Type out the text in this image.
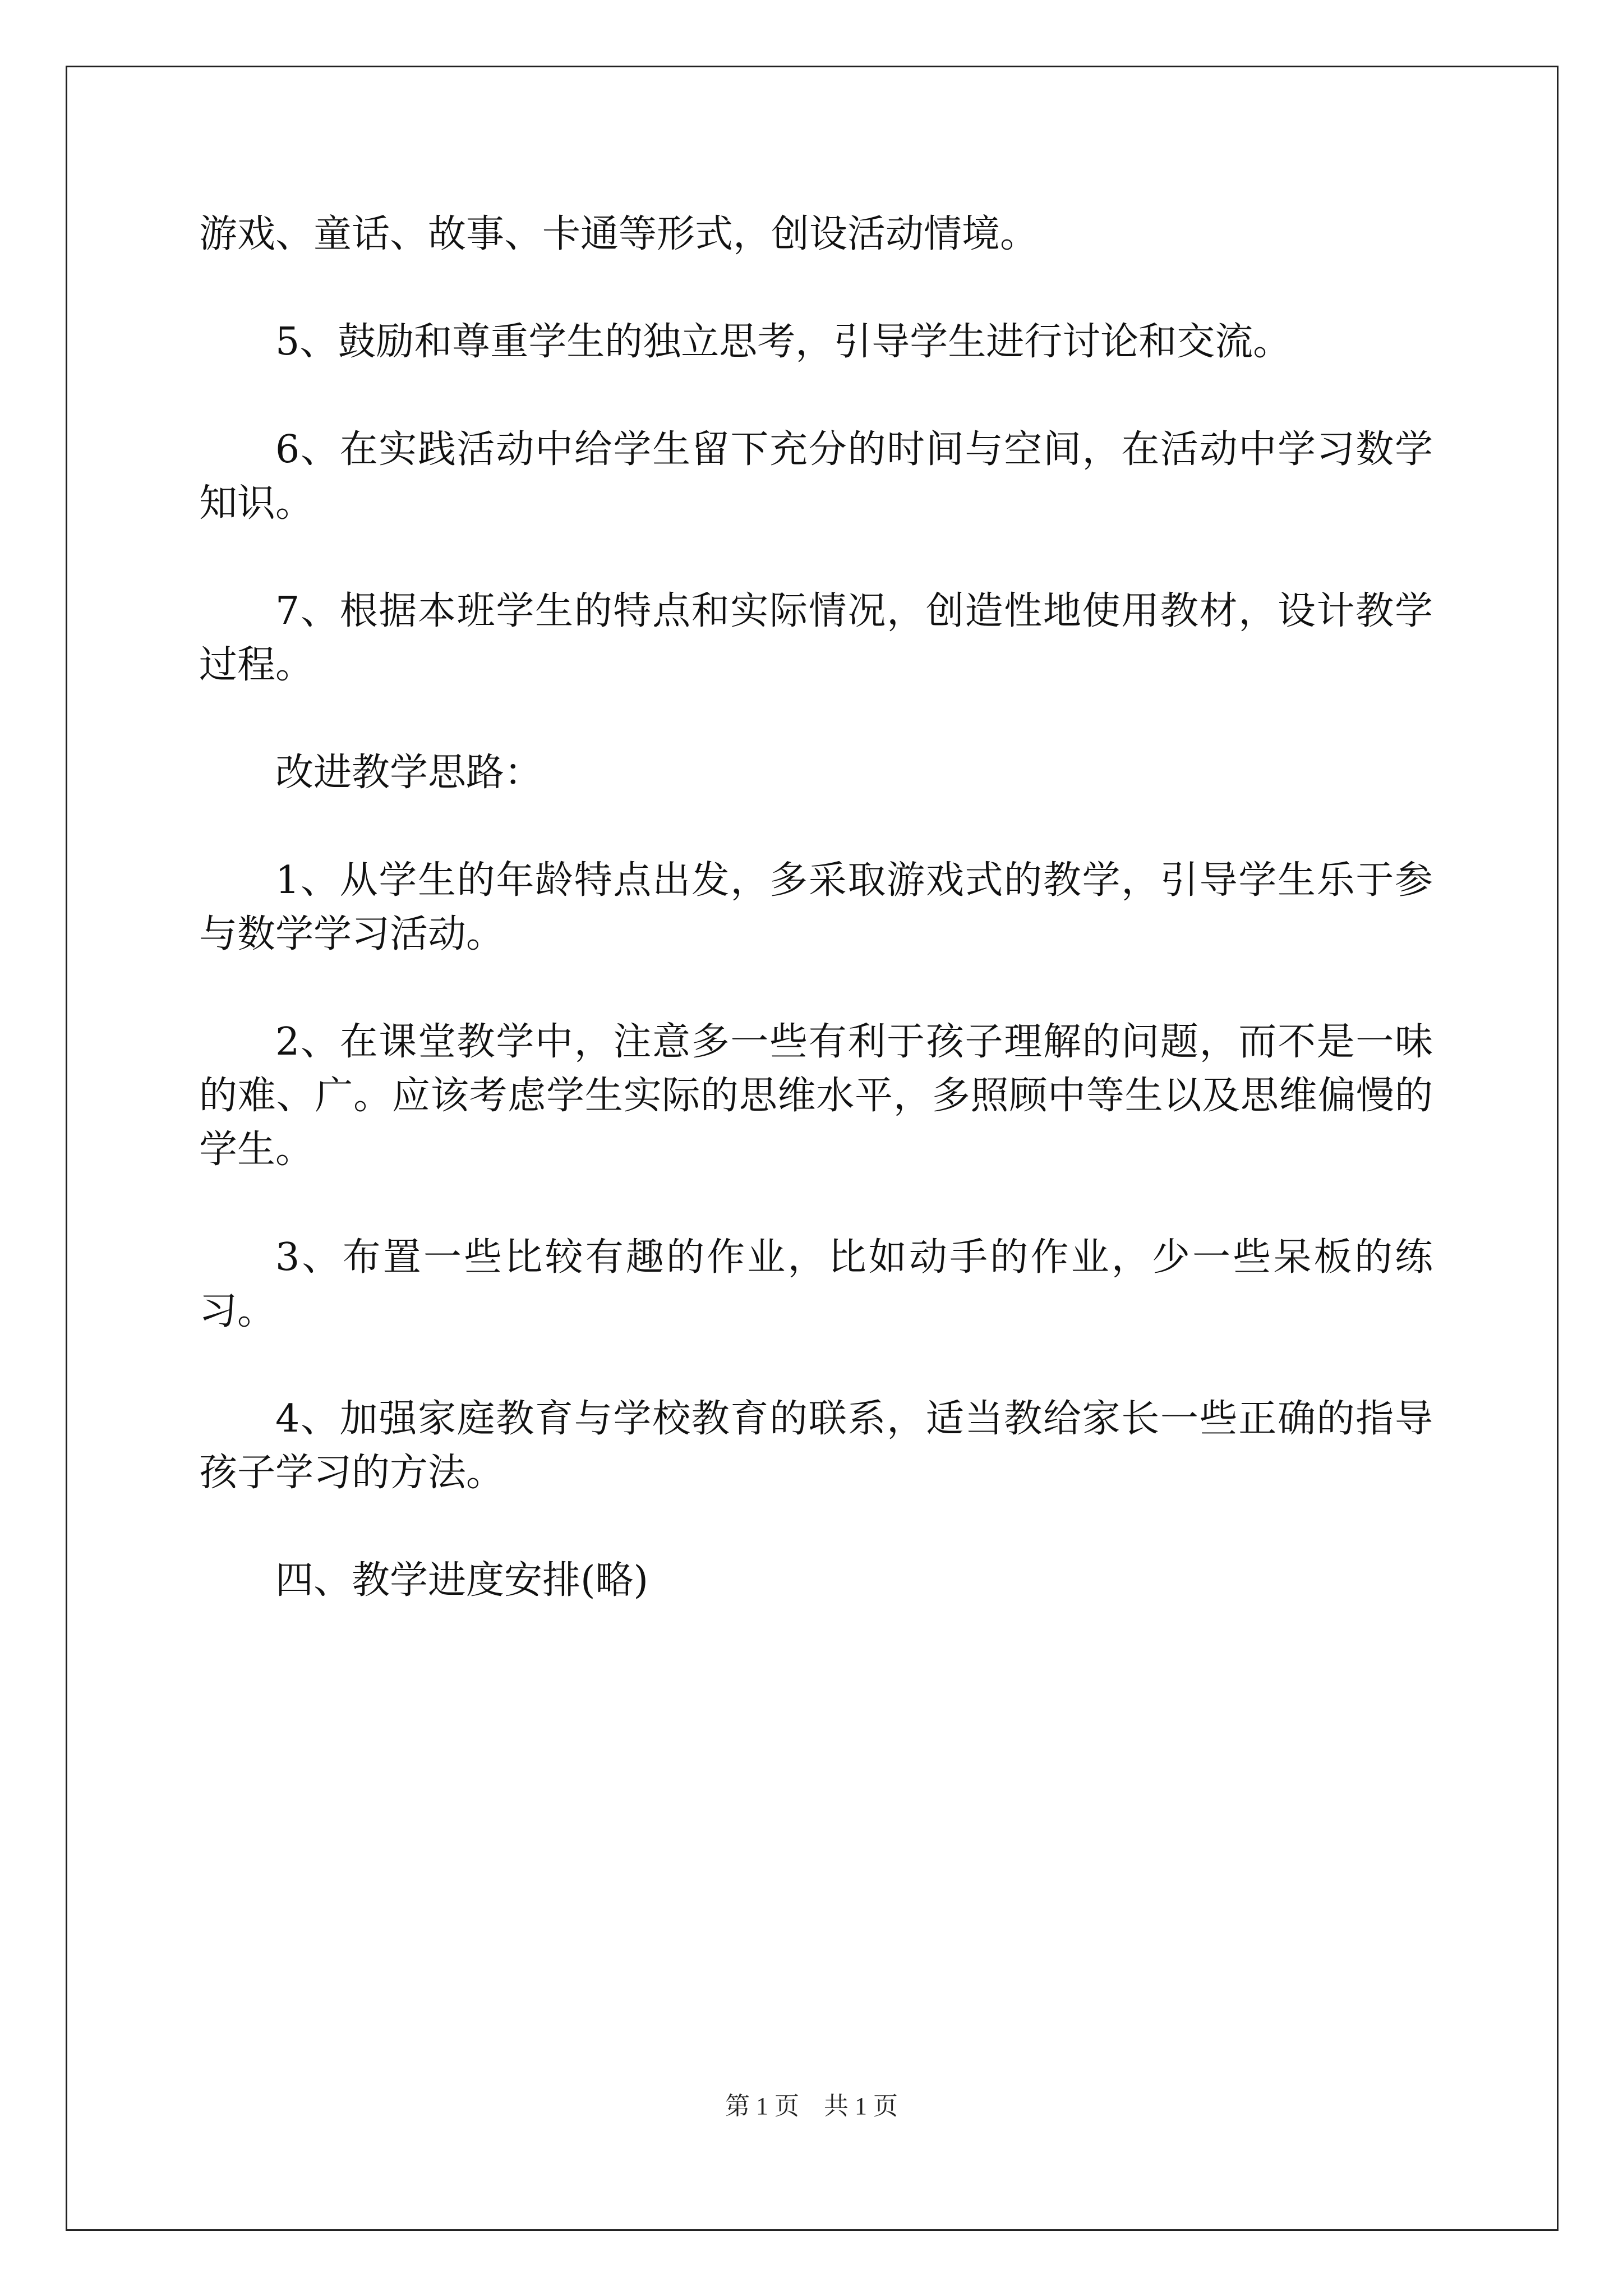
游戏、童话、故事、卡通等形式，创设活动情境。

5、鼓励和尊重学生的独立思考，引导学生进行讨论和交流。

6、在实践活动中给学生留下充分的时间与空间，在活动中学习数学知识。

7、根据本班学生的特点和实际情况，创造性地使用教材，设计教学过程。

改进教学思路：

1、从学生的年龄特点出发，多采取游戏式的教学，引导学生乐于参与数学学习活动。

2、在课堂教学中，注意多一些有利于孩子理解的问题，而不是一味的难、广。应该考虑学生实际的思维水平，多照顾中等生以及思维偏慢的学生。

3、布置一些比较有趣的作业，比如动手的作业，少一些呆板的练习。

4、加强家庭教育与学校教育的联系，适当教给家长一些正确的指导孩子学习的方法。

四、教学进度安排(略)

第 1 页　共 1 页
